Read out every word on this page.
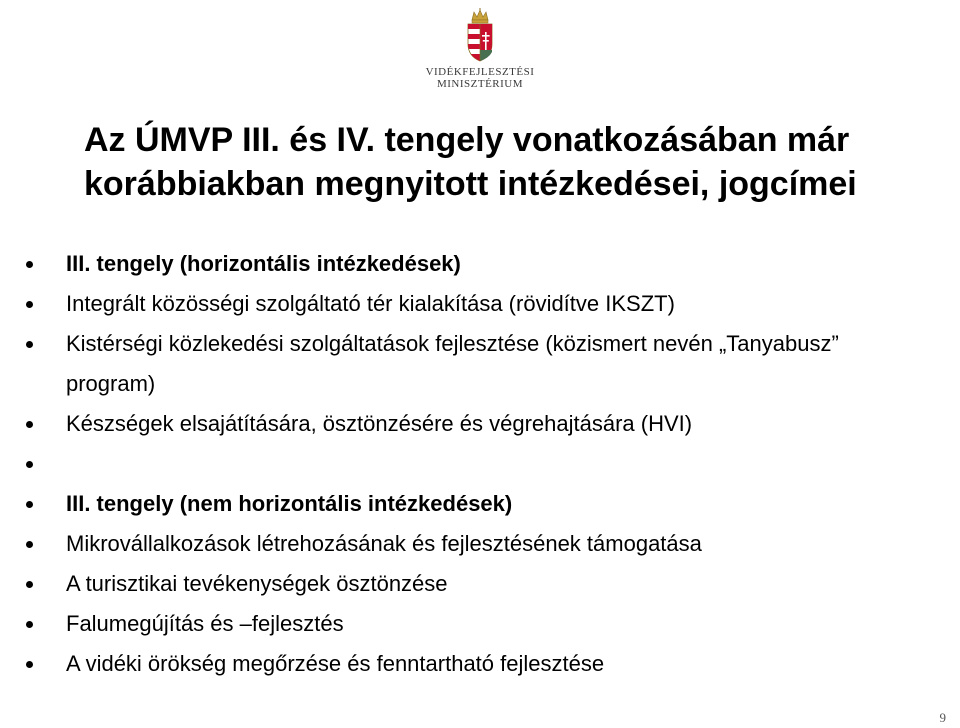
VIDÉKFEJLESZTÉSI
MINISZTÉRIUM
Az ÚMVP III. és IV. tengely vonatkozásában már korábbiakban megnyitott intézkedései, jogcímei
III. tengely (horizontális intézkedések)
Integrált közösségi szolgáltató tér kialakítása (rövidítve IKSZT)
Kistérségi közlekedési szolgáltatások fejlesztése (közismert nevén „Tanyabusz” program)
Készségek elsajátítására, ösztönzésére és végrehajtására (HVI)
III. tengely (nem horizontális intézkedések)
Mikrovállalkozások létrehozásának és fejlesztésének támogatása
A turisztikai tevékenységek ösztönzése
Falumegújítás és –fejlesztés
A vidéki örökség megőrzése és fenntartható fejlesztése
9
